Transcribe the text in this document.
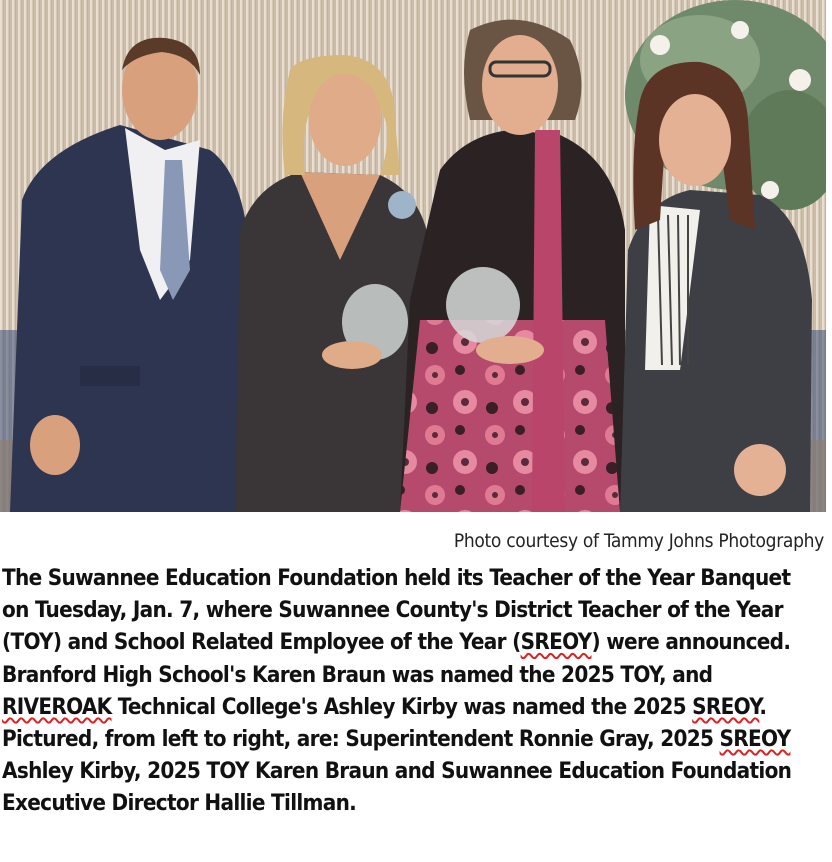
Photo courtesy of Tammy Johns Photography

The Suwannee Education Foundation held its Teacher of the Year Banquet
on Tuesday, Jan. 7, where Suwannee County's District Teacher of the Year
(TOY) and School Related Employee of the Year (SREOY) were announced.
Branford High School's Karen Braun was named the 2025 TOY, and
RIVEROAK Technical College's Ashley Kirby was named the 2025 SREOY.
Pictured, from left to right, are: Superintendent Ronnie Gray, 2025 SREOY
Ashley Kirby, 2025 TOY Karen Braun and Suwannee Education Foundation
Executive Director Hallie Tillman.
